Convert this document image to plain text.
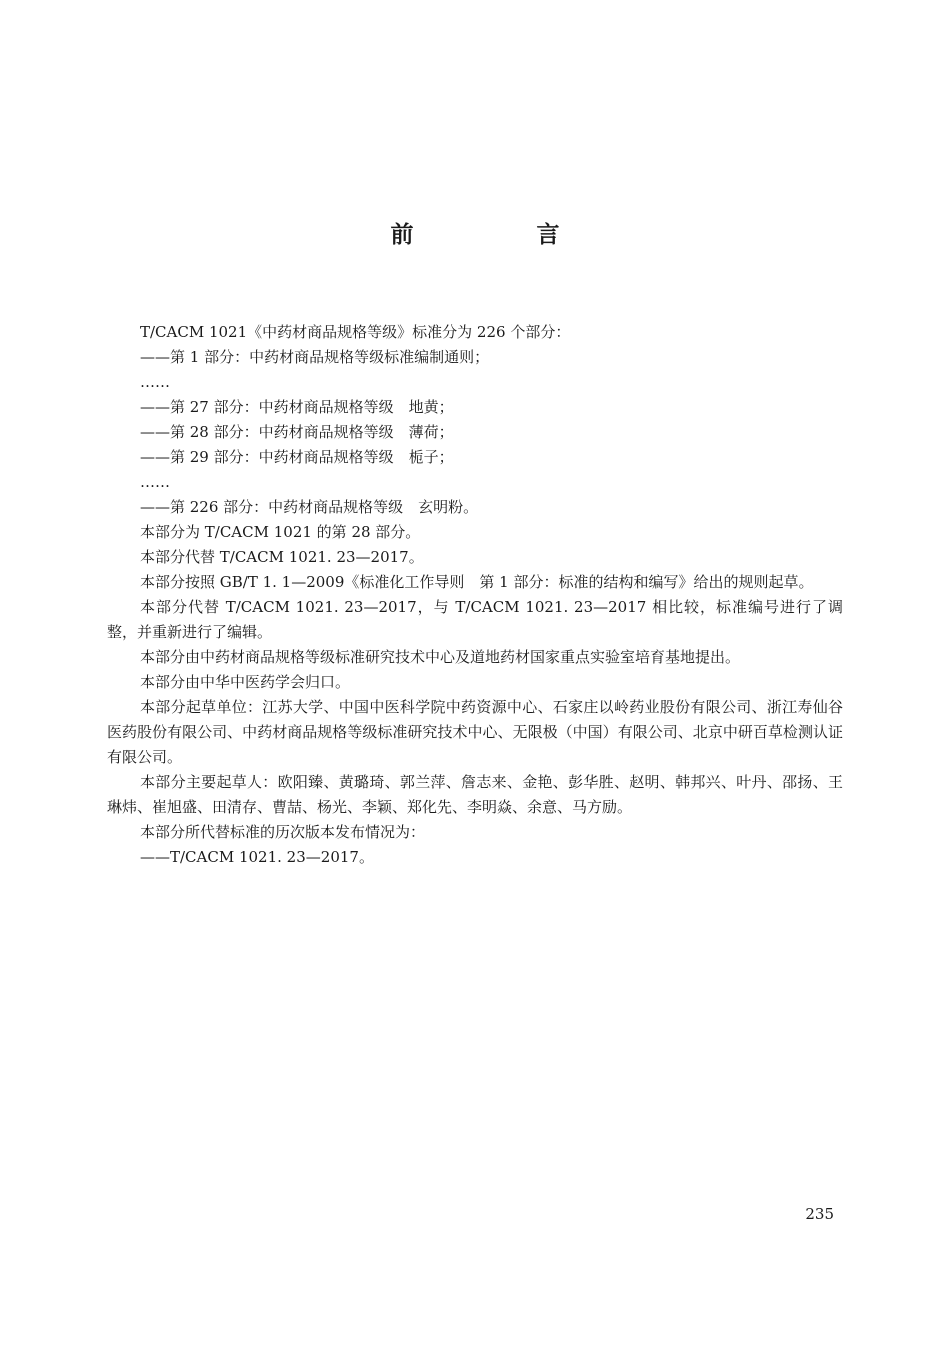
前　言
T/CACM 1021《中药材商品规格等级》标准分为 226 个部分：
——第 1 部分：中药材商品规格等级标准编制通则；
……
——第 27 部分：中药材商品规格等级　地黄；
——第 28 部分：中药材商品规格等级　薄荷；
——第 29 部分：中药材商品规格等级　栀子；
……
——第 226 部分：中药材商品规格等级　玄明粉。
本部分为 T/CACM 1021 的第 28 部分。
本部分代替 T/CACM 1021. 23—2017。
本部分按照 GB/T 1. 1—2009《标准化工作导则　第 1 部分：标准的结构和编写》给出的规则起草。
本部分代替 T/CACM 1021. 23—2017，与 T/CACM 1021. 23—2017 相比较，标准编号进行了调整，并重新进行了编辑。
本部分由中药材商品规格等级标准研究技术中心及道地药材国家重点实验室培育基地提出。
本部分由中华中医药学会归口。
本部分起草单位：江苏大学、中国中医科学院中药资源中心、石家庄以岭药业股份有限公司、浙江寿仙谷医药股份有限公司、中药材商品规格等级标准研究技术中心、无限极（中国）有限公司、北京中研百草检测认证有限公司。
本部分主要起草人：欧阳臻、黄璐琦、郭兰萍、詹志来、金艳、彭华胜、赵明、韩邦兴、叶丹、邵扬、王琳炜、崔旭盛、田清存、曹喆、杨光、李颖、郑化先、李明焱、余意、马方励。
本部分所代替标准的历次版本发布情况为：
——T/CACM 1021. 23—2017。
235
